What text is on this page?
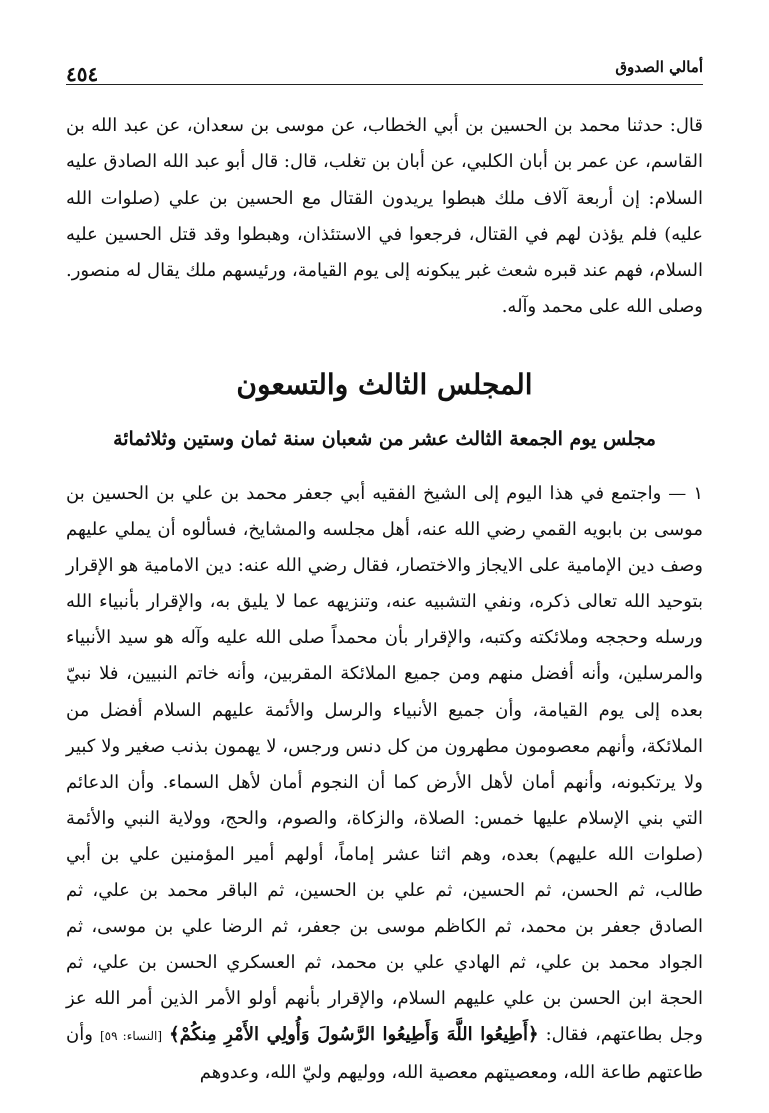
أمالي الصدوق
٤٥٤

قال: حدثنا محمد بن الحسين بن أبي الخطاب، عن موسى بن سعدان، عن عبد الله بن القاسم، عن عمر بن أبان الكلبي، عن أبان بن تغلب، قال: قال أبو عبد الله الصادق عليه السلام: إن أربعة آلاف ملك هبطوا يريدون القتال مع الحسين بن علي (صلوات الله عليه) فلم يؤذن لهم في القتال، فرجعوا في الاستئذان، وهبطوا وقد قتل الحسين عليه السلام، فهم عند قبره شعث غبر يبكونه إلى يوم القيامة، ورئيسهم ملك يقال له منصور. وصلى الله على محمد وآله.

المجلس الثالث والتسعون
مجلس يوم الجمعة الثالث عشر من شعبان سنة ثمان وستين وثلاثمائة

١ — واجتمع في هذا اليوم إلى الشيخ الفقيه أبي جعفر محمد بن علي بن الحسين بن موسى بن بابويه القمي رضي الله عنه، أهل مجلسه والمشايخ، فسألوه أن يملي عليهم وصف دين الإمامية على الايجاز والاختصار، فقال رضي الله عنه: دين الامامية هو الإقرار بتوحيد الله تعالى ذكره، ونفي التشبيه عنه، وتنزيهه عما لا يليق به، والإقرار بأنبياء الله ورسله وحججه وملائكته وكتبه، والإقرار بأن محمداً صلى الله عليه وآله هو سيد الأنبياء والمرسلين، وأنه أفضل منهم ومن جميع الملائكة المقربين، وأنه خاتم النبيين، فلا نبيّ بعده إلى يوم القيامة، وأن جميع الأنبياء والرسل والأئمة عليهم السلام أفضل من الملائكة، وأنهم معصومون مطهرون من كل دنس ورجس، لا يهمون بذنب صغير ولا كبير ولا يرتكبونه، وأنهم أمان لأهل الأرض كما أن النجوم أمان لأهل السماء. وأن الدعائم التي بني الإسلام عليها خمس: الصلاة، والزكاة، والصوم، والحج، وولاية النبي والأئمة (صلوات الله عليهم) بعده، وهم اثنا عشر إماماً، أولهم أمير المؤمنين علي بن أبي طالب، ثم الحسن، ثم الحسين، ثم علي بن الحسين، ثم الباقر محمد بن علي، ثم الصادق جعفر بن محمد، ثم الكاظم موسى بن جعفر، ثم الرضا علي بن موسى، ثم الجواد محمد بن علي، ثم الهادي علي بن محمد، ثم العسكري الحسن بن علي، ثم الحجة ابن الحسن بن علي عليهم السلام، والإقرار بأنهم أولو الأمر الذين أمر الله عز وجل بطاعتهم، فقال: ﴿أَطِيعُوا اللَّهَ وَأَطِيعُوا الرَّسُولَ وَأُولِي الأَمْرِ مِنكُمْ﴾ [النساء: ٥٩] وأن طاعتهم طاعة الله، ومعصيتهم معصية الله، ووليهم وليّ الله، وعدوهم
